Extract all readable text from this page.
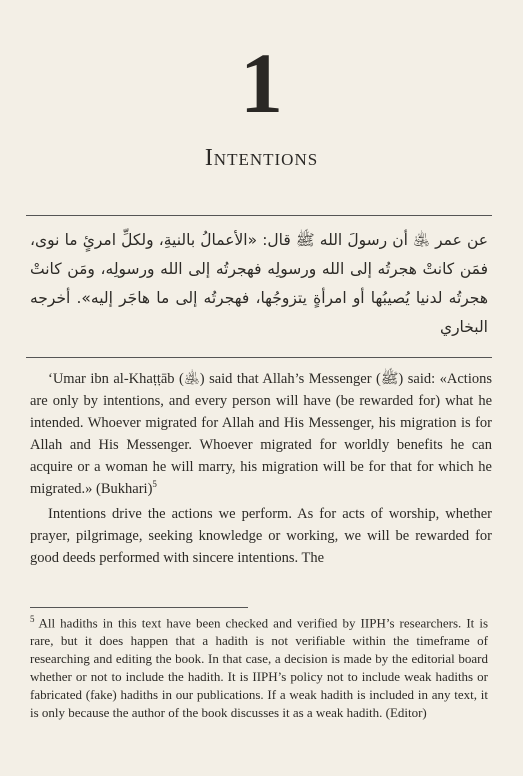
1
Intentions
عن عمر ﵁ أن رسولَ الله ﷺ قال: «الأعمالُ بالنيةِ، ولكلِّ امرئٍ ما نوى، فمَن كانتْ هجرتُه إلى الله ورسولِه فهجرتُه إلى الله ورسولِه، ومَن كانتْ هجرتُه لدنيا يُصيبُها أو امرأةٍ يتزوجُها، فهجرتُه إلى ما هاجَر إليه». أخرجه البخاري

‘Umar ibn al-Khaṭṭāb (﵁) said that Allah’s Messenger (ﷺ) said: «Actions are only by intentions, and every person will have (be rewarded for) what he intended. Whoever migrated for Allah and His Messenger, his migration is for Allah and His Messenger. Whoever migrated for worldly benefits he can acquire or a woman he will marry, his migration will be for that for which he migrated.» (Bukhari)$^5$

Intentions drive the actions we perform. As for acts of worship, whether prayer, pilgrimage, seeking knowledge or working, we will be rewarded for good deeds performed with sincere intentions. The

$^5$ All hadiths in this text have been checked and verified by IIPH’s researchers. It is rare, but it does happen that a hadith is not verifiable within the timeframe of researching and editing the book. In that case, a decision is made by the editorial board whether or not to include the hadith. It is IIPH’s policy not to include weak hadiths or fabricated (fake) hadiths in our publications. If a weak hadith is included in any text, it is only because the author of the book discusses it as a weak hadith. (Editor)
